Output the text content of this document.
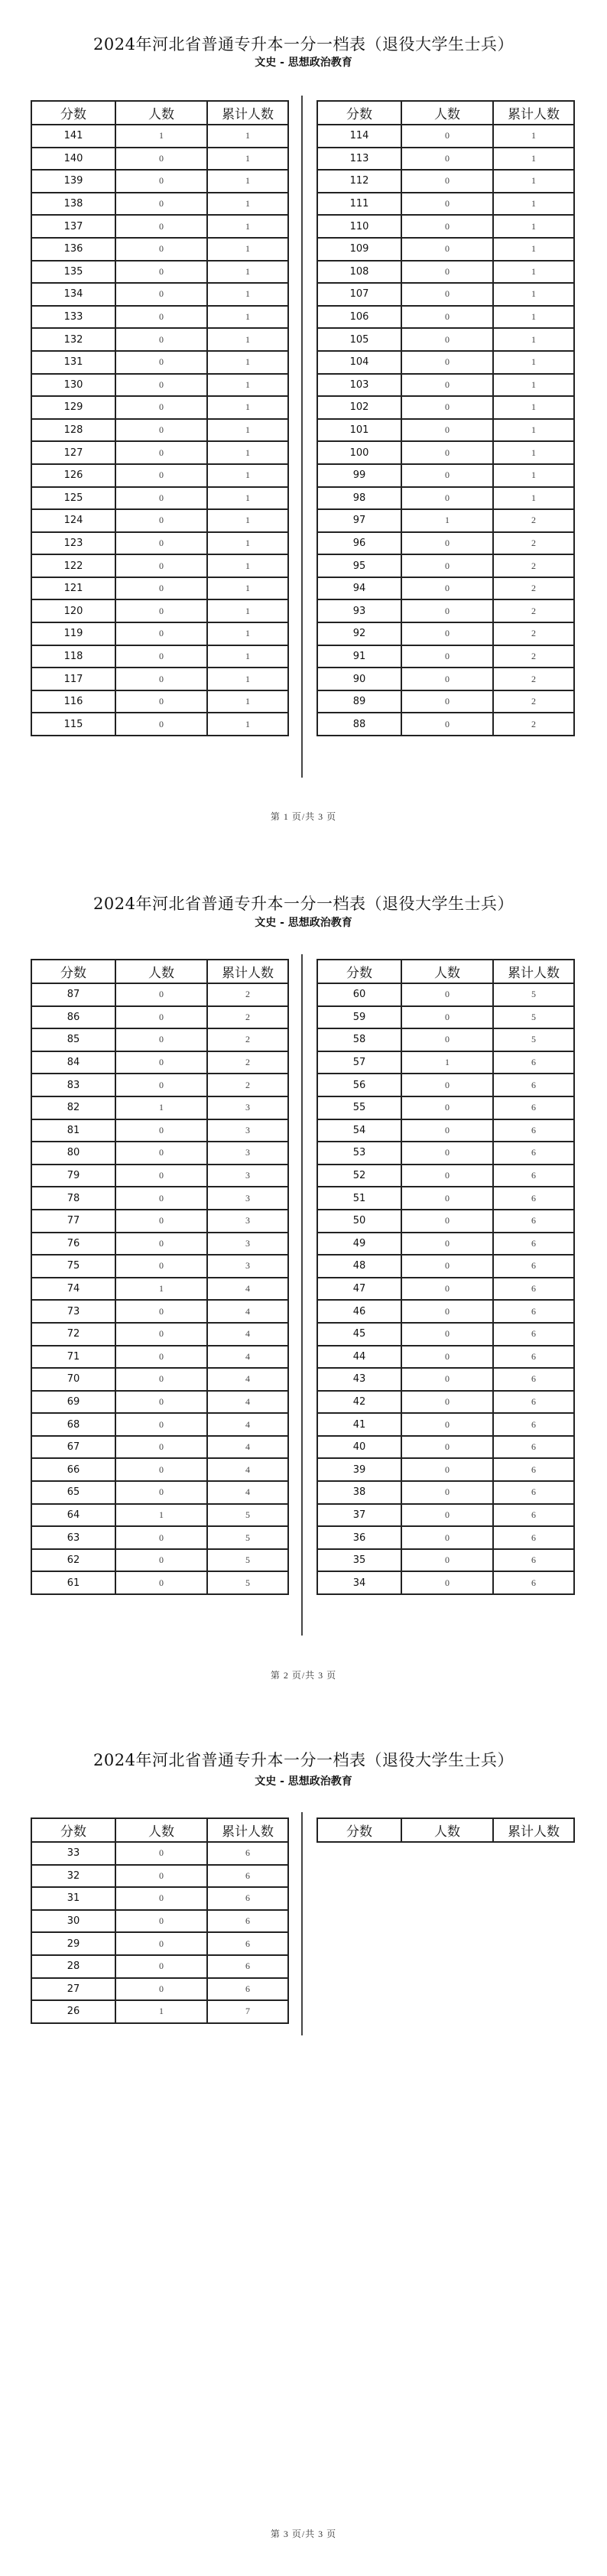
2024年河北省普通专升本一分一档表（退役大学生士兵）
文史 - 思想政治教育
分数	人数	累计人数
141	1	1
140	0	1
139	0	1
138	0	1
137	0	1
136	0	1
135	0	1
134	0	1
133	0	1
132	0	1
131	0	1
130	0	1
129	0	1
128	0	1
127	0	1
126	0	1
125	0	1
124	0	1
123	0	1
122	0	1
121	0	1
120	0	1
119	0	1
118	0	1
117	0	1
116	0	1
115	0	1
分数	人数	累计人数
114	0	1
113	0	1
112	0	1
111	0	1
110	0	1
109	0	1
108	0	1
107	0	1
106	0	1
105	0	1
104	0	1
103	0	1
102	0	1
101	0	1
100	0	1
99	0	1
98	0	1
97	1	2
96	0	2
95	0	2
94	0	2
93	0	2
92	0	2
91	0	2
90	0	2
89	0	2
88	0	2
第 1 页/共 3 页
2024年河北省普通专升本一分一档表（退役大学生士兵）
文史 - 思想政治教育
分数	人数	累计人数
87	0	2
86	0	2
85	0	2
84	0	2
83	0	2
82	1	3
81	0	3
80	0	3
79	0	3
78	0	3
77	0	3
76	0	3
75	0	3
74	1	4
73	0	4
72	0	4
71	0	4
70	0	4
69	0	4
68	0	4
67	0	4
66	0	4
65	0	4
64	1	5
63	0	5
62	0	5
61	0	5
分数	人数	累计人数
60	0	5
59	0	5
58	0	5
57	1	6
56	0	6
55	0	6
54	0	6
53	0	6
52	0	6
51	0	6
50	0	6
49	0	6
48	0	6
47	0	6
46	0	6
45	0	6
44	0	6
43	0	6
42	0	6
41	0	6
40	0	6
39	0	6
38	0	6
37	0	6
36	0	6
35	0	6
34	0	6
第 2 页/共 3 页
2024年河北省普通专升本一分一档表（退役大学生士兵）
文史 - 思想政治教育
分数	人数	累计人数
33	0	6
32	0	6
31	0	6
30	0	6
29	0	6
28	0	6
27	0	6
26	1	7
分数	人数	累计人数
第 3 页/共 3 页
